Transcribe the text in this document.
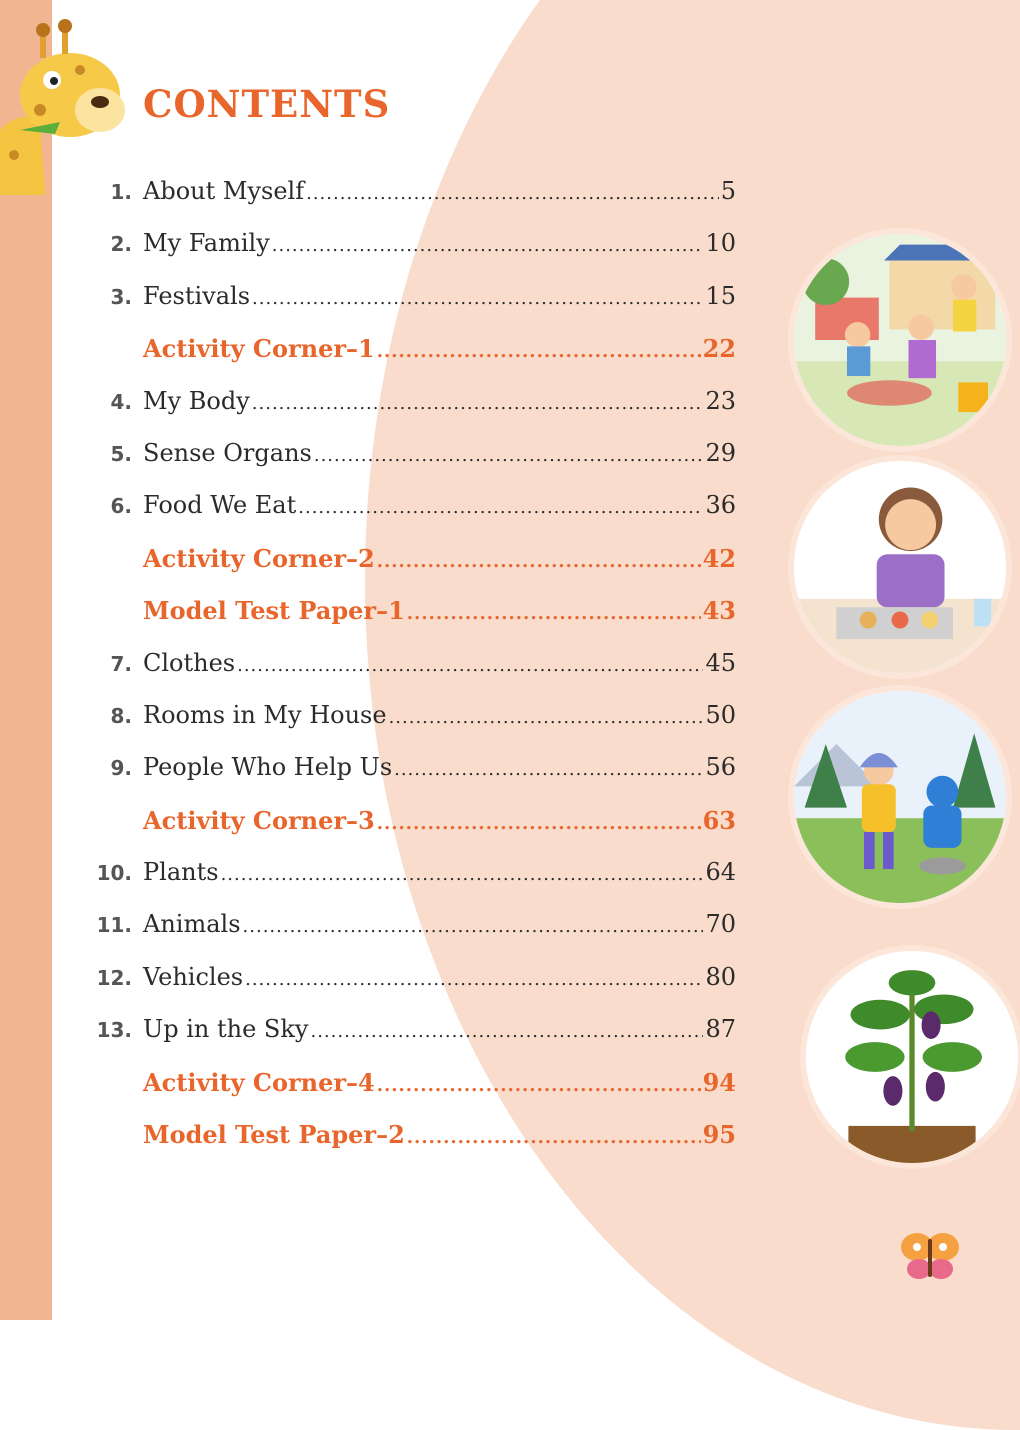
CONTENTS
1. About Myself .....	5
2. My Family .....	10
3. Festivals .....	15
Activity Corner–1 .....	22
4. My Body .....	23
5. Sense Organs .....	29
6. Food We Eat .....	36
Activity Corner–2 .....	42
Model Test Paper–1 .....	43
7. Clothes .....	45
8. Rooms in My House .....	50
9. People Who Help Us .....	56
Activity Corner–3 .....	63
10. Plants .....	64
11. Animals .....	70
12. Vehicles .....	80
13. Up in the Sky .....	87
Activity Corner–4 .....	94
Model Test Paper–2 .....	95
